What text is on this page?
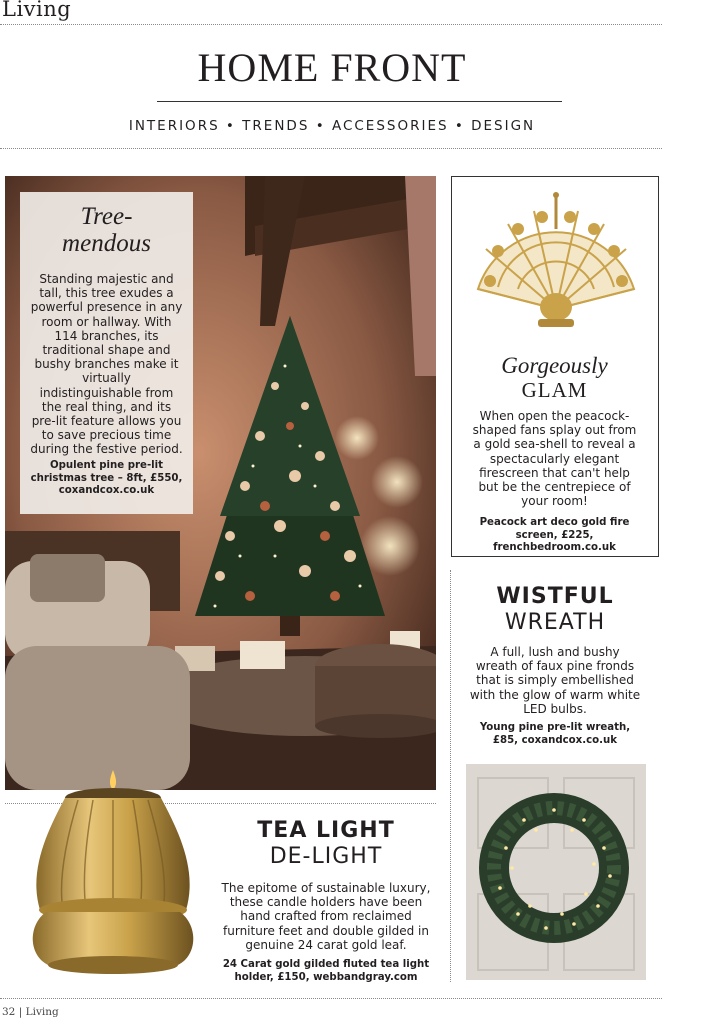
Living
HOME FRONT
INTERIORS • TRENDS • ACCESSORIES • DESIGN
Tree-
mendous
Standing majestic and tall, this tree exudes a powerful presence in any room or hallway. With 114 branches, its traditional shape and bushy branches make it virtually indistinguishable from the real thing, and its pre-lit feature allows you to save precious time during the festive period.
Opulent pine pre-lit christmas tree – 8ft, £550, coxandcox.co.uk
Gorgeously
GLAM
When open the peacock-shaped fans splay out from a gold sea-shell to reveal a spectacularly elegant firescreen that can't help but be the centrepiece of your room!
Peacock art deco gold fire screen, £225, frenchbedroom.co.uk
WISTFUL
WREATH
A full, lush and bushy wreath of faux pine fronds that is simply embellished with the glow of warm white LED bulbs.
Young pine pre-lit wreath, £85, coxandcox.co.uk
TEA LIGHT
DE-LIGHT
The epitome of sustainable luxury, these candle holders have been hand crafted from reclaimed furniture feet and double gilded in genuine 24 carat gold leaf.
24 Carat gold gilded fluted tea light holder, £150, webbandgray.com
32 | Living
